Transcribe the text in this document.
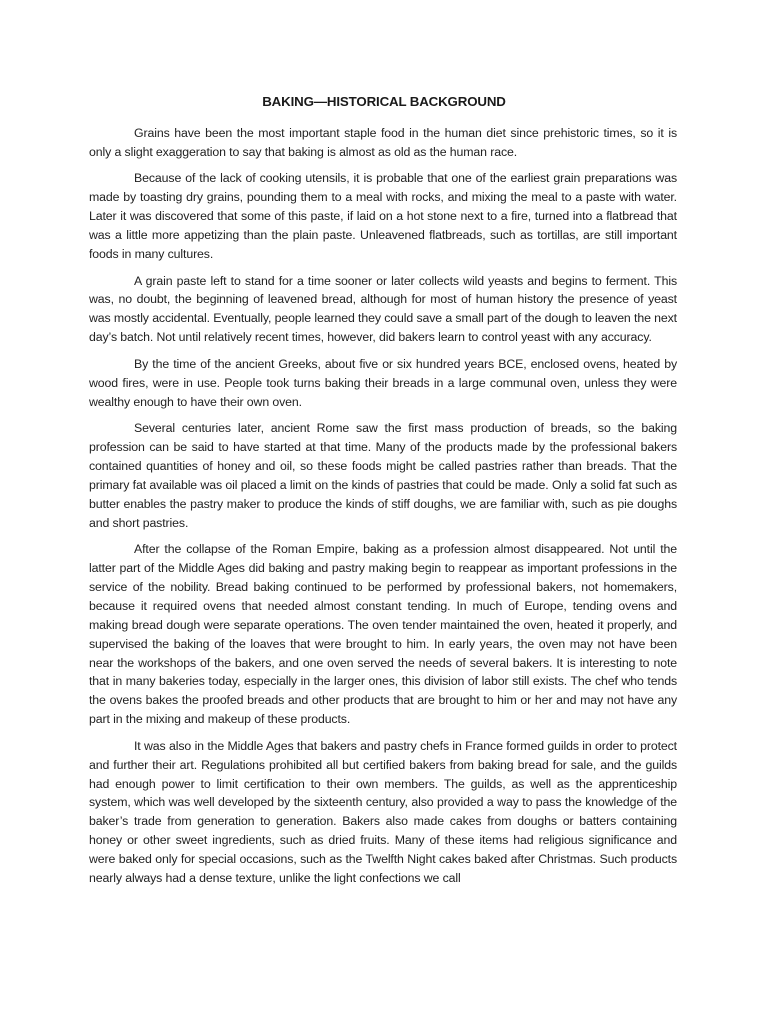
BAKING—HISTORICAL BACKGROUND

Grains have been the most important staple food in the human diet since prehistoric times, so it is only a slight exaggeration to say that baking is almost as old as the human race.

Because of the lack of cooking utensils, it is probable that one of the earliest grain preparations was made by toasting dry grains, pounding them to a meal with rocks, and mixing the meal to a paste with water. Later it was discovered that some of this paste, if laid on a hot stone next to a fire, turned into a flatbread that was a little more appetizing than the plain paste. Unleavened flatbreads, such as tortillas, are still important foods in many cultures.

A grain paste left to stand for a time sooner or later collects wild yeasts and begins to ferment. This was, no doubt, the beginning of leavened bread, although for most of human history the presence of yeast was mostly accidental. Eventually, people learned they could save a small part of the dough to leaven the next day’s batch. Not until relatively recent times, however, did bakers learn to control yeast with any accuracy.

By the time of the ancient Greeks, about five or six hundred years BCE, enclosed ovens, heated by wood fires, were in use. People took turns baking their breads in a large communal oven, unless they were wealthy enough to have their own oven.

Several centuries later, ancient Rome saw the first mass production of breads, so the baking profession can be said to have started at that time. Many of the products made by the professional bakers contained quantities of honey and oil, so these foods might be called pastries rather than breads. That the primary fat available was oil placed a limit on the kinds of pastries that could be made. Only a solid fat such as butter enables the pastry maker to produce the kinds of stiff doughs, we are familiar with, such as pie doughs and short pastries.

After the collapse of the Roman Empire, baking as a profession almost disappeared. Not until the latter part of the Middle Ages did baking and pastry making begin to reappear as important professions in the service of the nobility. Bread baking continued to be performed by professional bakers, not homemakers, because it required ovens that needed almost constant tending. In much of Europe, tending ovens and making bread dough were separate operations. The oven tender maintained the oven, heated it properly, and supervised the baking of the loaves that were brought to him. In early years, the oven may not have been near the workshops of the bakers, and one oven served the needs of several bakers. It is interesting to note that in many bakeries today, especially in the larger ones, this division of labor still exists. The chef who tends the ovens bakes the proofed breads and other products that are brought to him or her and may not have any part in the mixing and makeup of these products.

It was also in the Middle Ages that bakers and pastry chefs in France formed guilds in order to protect and further their art. Regulations prohibited all but certified bakers from baking bread for sale, and the guilds had enough power to limit certification to their own members. The guilds, as well as the apprenticeship system, which was well developed by the sixteenth century, also provided a way to pass the knowledge of the baker’s trade from generation to generation. Bakers also made cakes from doughs or batters containing honey or other sweet ingredients, such as dried fruits. Many of these items had religious significance and were baked only for special occasions, such as the Twelfth Night cakes baked after Christmas. Such products nearly always had a dense texture, unlike the light confections we call
